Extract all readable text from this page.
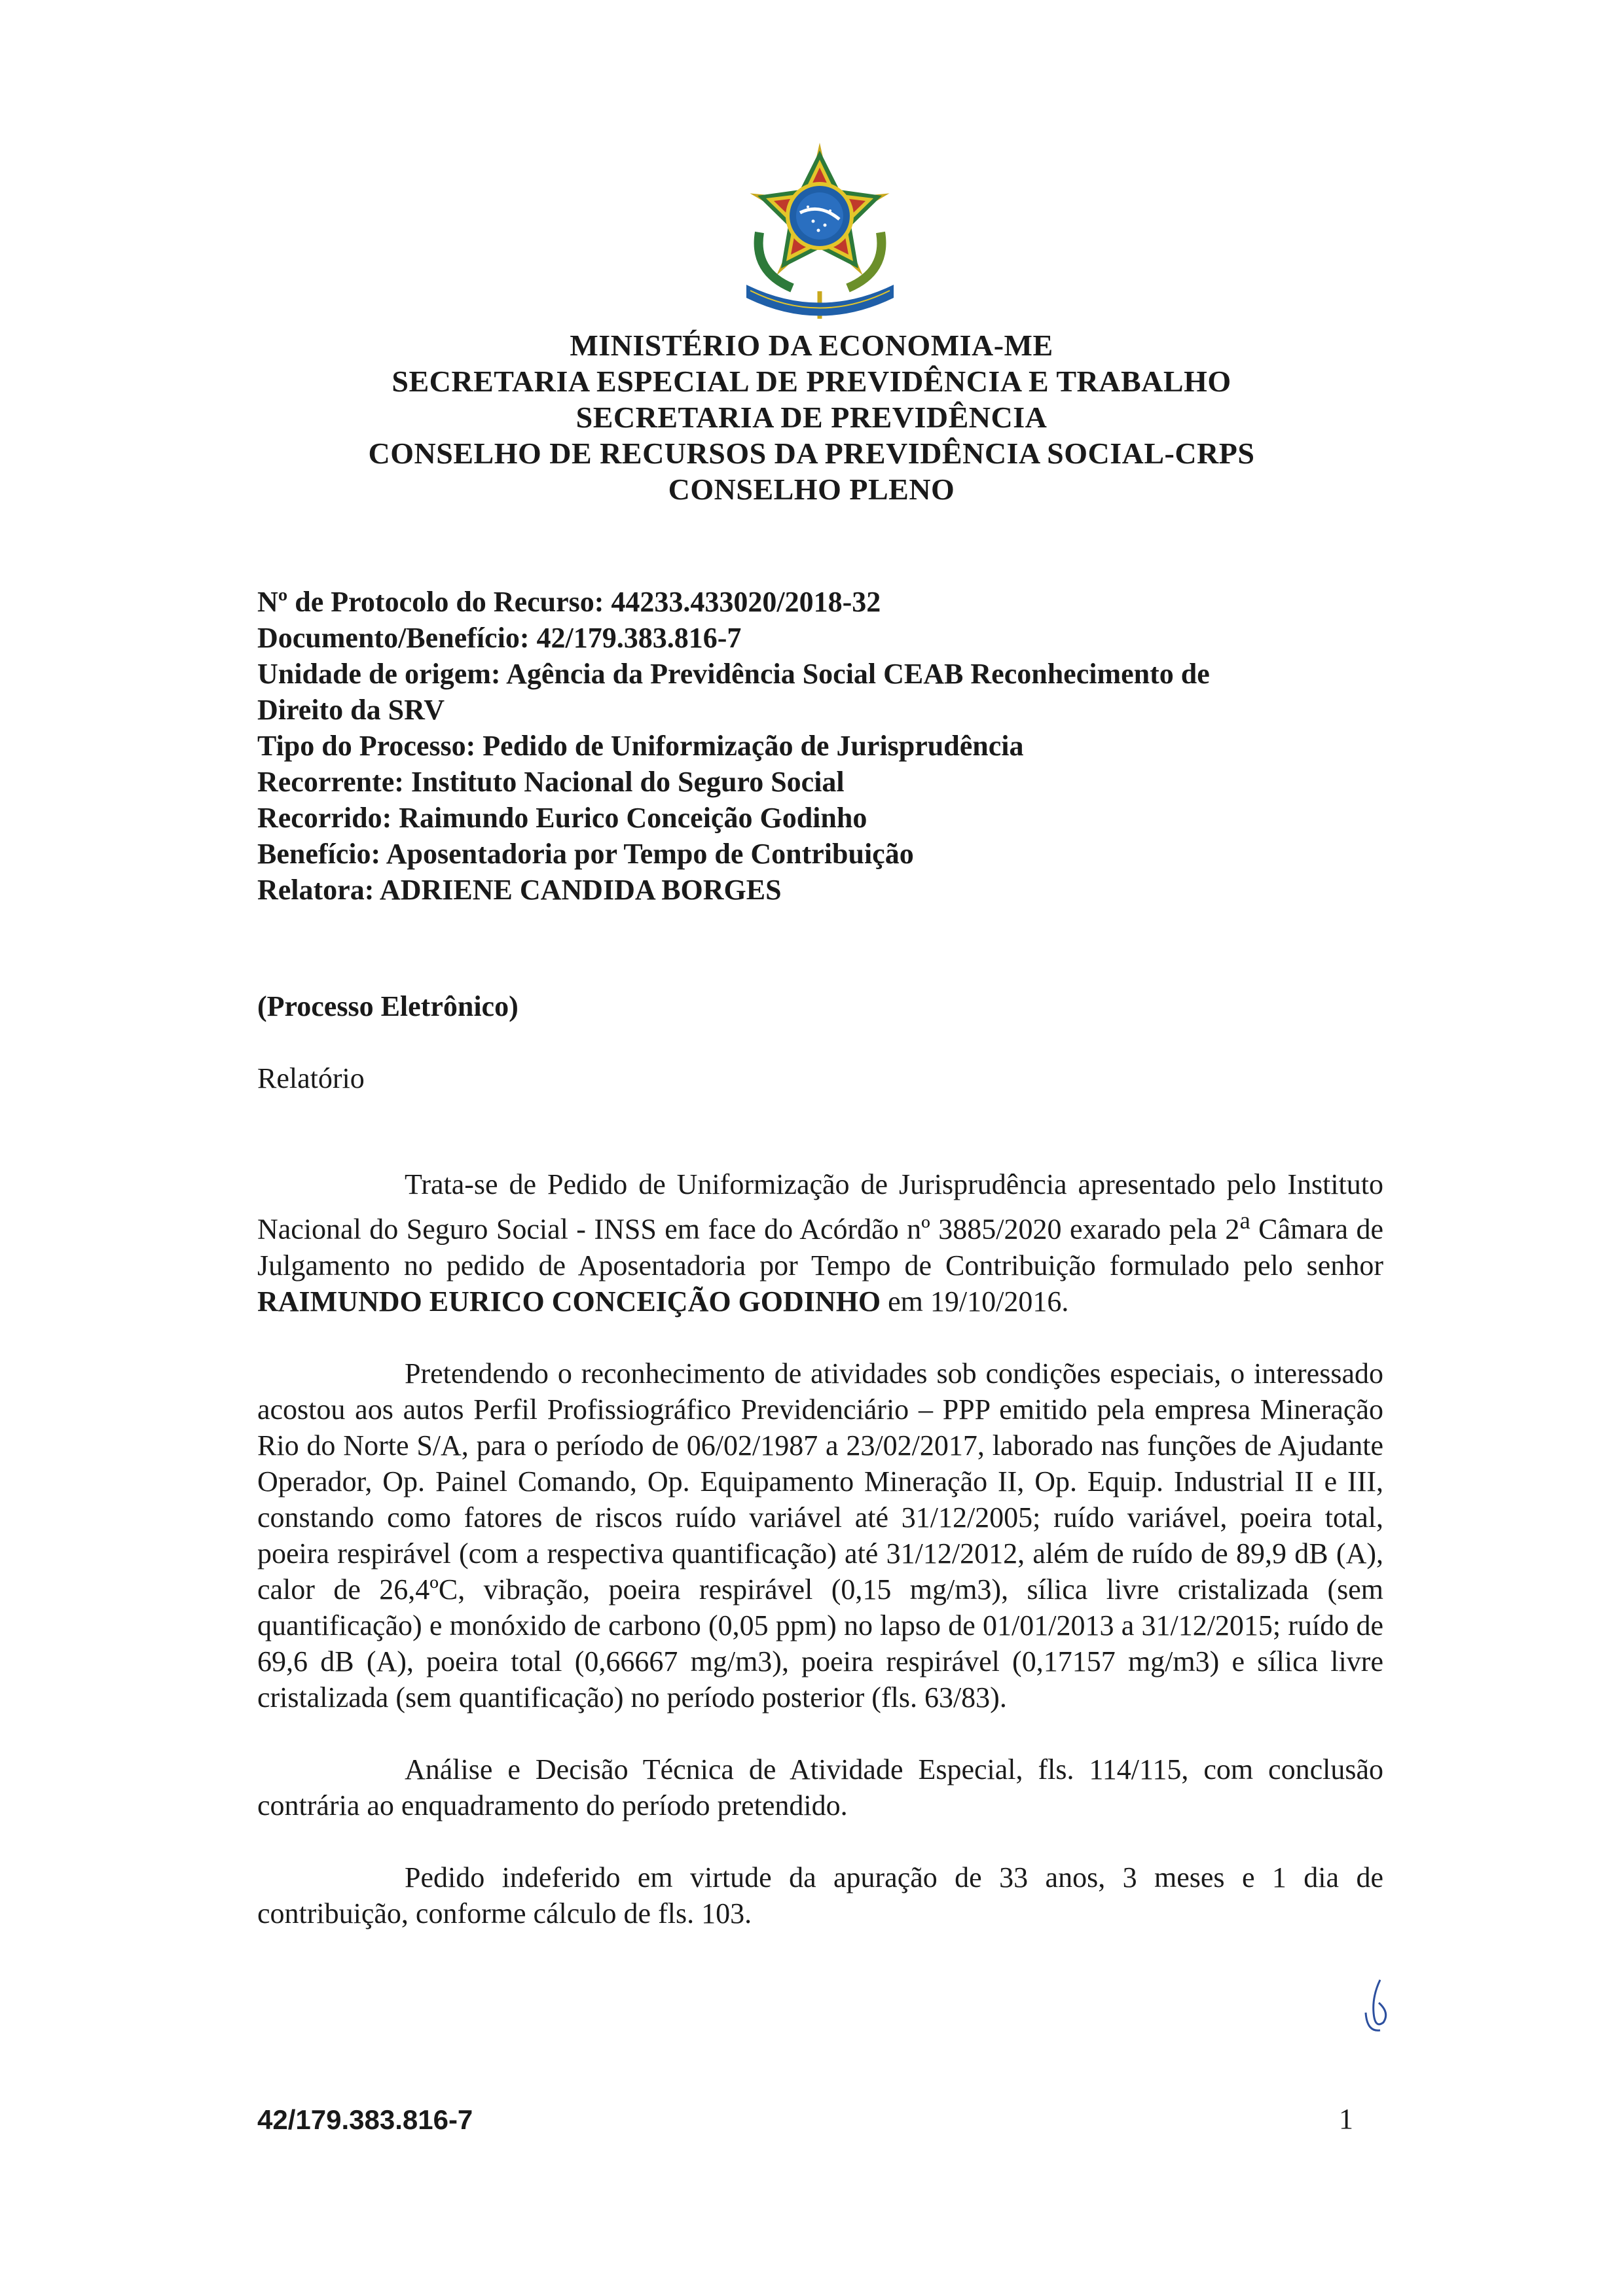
MINISTÉRIO DA ECONOMIA-ME
SECRETARIA ESPECIAL DE PREVIDÊNCIA E TRABALHO
SECRETARIA DE PREVIDÊNCIA
CONSELHO DE RECURSOS DA PREVIDÊNCIA SOCIAL-CRPS
CONSELHO PLENO

Nº de Protocolo do Recurso: 44233.433020/2018-32

Documento/Benefício: 42/179.383.816-7

Unidade de origem: Agência da Previdência Social CEAB Reconhecimento de

Direito da SRV

Tipo do Processo: Pedido de Uniformização de Jurisprudência

Recorrente: Instituto Nacional do Seguro Social

Recorrido: Raimundo Eurico Conceição Godinho

Benefício: Aposentadoria por Tempo de Contribuição

Relatora: ADRIENE CANDIDA BORGES

(Processo Eletrônico)
Relatório

Trata-se de Pedido de Uniformização de Jurisprudência apresentado pelo Instituto Nacional do Seguro Social - INSS em face do Acórdão nº 3885/2020 exarado pela 2$^a$ Câmara de Julgamento no pedido de Aposentadoria por Tempo de Contribuição formulado pelo senhor RAIMUNDO EURICO CONCEIÇÃO GODINHO em 19/10/2016.

Pretendendo o reconhecimento de atividades sob condições especiais, o interessado acostou aos autos Perfil Profissiográfico Previdenciário – PPP emitido pela empresa Mineração Rio do Norte S/A, para o período de 06/02/1987 a 23/02/2017, laborado nas funções de Ajudante Operador, Op. Painel Comando, Op. Equipamento Mineração II, Op. Equip. Industrial II e III, constando como fatores de riscos ruído variável até 31/12/2005; ruído variável, poeira total, poeira respirável (com a respectiva quantificação) até 31/12/2012, além de ruído de 89,9 dB (A), calor de 26,4ºC, vibração, poeira respirável (0,15 mg/m3), sílica livre cristalizada (sem quantificação) e monóxido de carbono (0,05 ppm) no lapso de 01/01/2013 a 31/12/2015; ruído de 69,6 dB (A), poeira total (0,66667 mg/m3), poeira respirável (0,17157 mg/m3) e sílica livre cristalizada (sem quantificação) no período posterior (fls. 63/83).

Análise e Decisão Técnica de Atividade Especial, fls. 114/115, com conclusão contrária ao enquadramento do período pretendido.

Pedido indeferido em virtude da apuração de 33 anos, 3 meses e 1 dia de contribuição, conforme cálculo de fls. 103.

42/179.383.816-7	1
